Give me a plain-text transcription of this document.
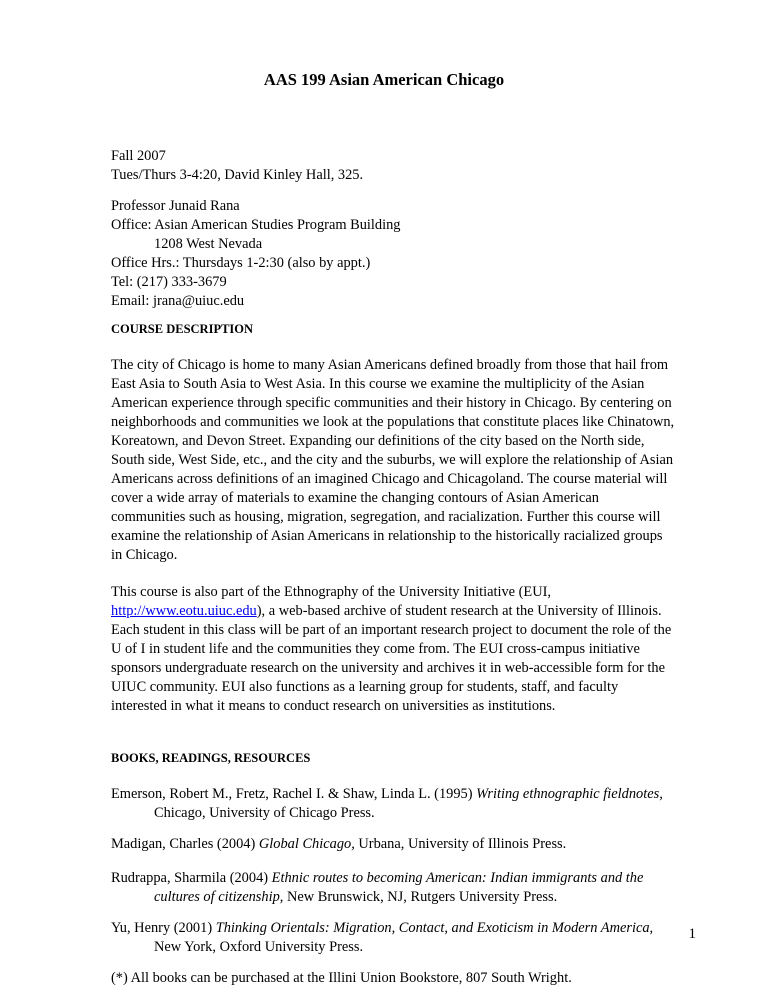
AAS 199 Asian American Chicago
Fall 2007
Tues/Thurs 3-4:20, David Kinley Hall, 325.
Professor Junaid Rana
Office: Asian American Studies Program Building
1208 West Nevada
Office Hrs.: Thursdays 1-2:30 (also by appt.)
Tel: (217) 333-3679
Email: jrana@uiuc.edu
COURSE DESCRIPTION
The city of Chicago is home to many Asian Americans defined broadly from those that hail from
East Asia to South Asia to West Asia. In this course we examine the multiplicity of the Asian
American experience through specific communities and their history in Chicago. By centering on
neighborhoods and communities we look at the populations that constitute places like Chinatown,
Koreatown, and Devon Street. Expanding our definitions of the city based on the North side,
South side, West Side, etc., and the city and the suburbs, we will explore the relationship of Asian
Americans across definitions of an imagined Chicago and Chicagoland. The course material will
cover a wide array of materials to examine the changing contours of Asian American
communities such as housing, migration, segregation, and racialization. Further this course will
examine the relationship of Asian Americans in relationship to the historically racialized groups
in Chicago.
This course is also part of the Ethnography of the University Initiative (EUI,
http://www.eotu.uiuc.edu), a web-based archive of student research at the University of Illinois.
Each student in this class will be part of an important research project to document the role of the
U of I in student life and the communities they come from. The EUI cross-campus initiative
sponsors undergraduate research on the university and archives it in web-accessible form for the
UIUC community. EUI also functions as a learning group for students, staff, and faculty
interested in what it means to conduct research on universities as institutions.
BOOKS, READINGS, RESOURCES
Emerson, Robert M., Fretz, Rachel I. & Shaw, Linda L. (1995) Writing ethnographic fieldnotes,
Chicago, University of Chicago Press.
Madigan, Charles (2004) Global Chicago, Urbana, University of Illinois Press.
Rudrappa, Sharmila (2004) Ethnic routes to becoming American: Indian immigrants and the
cultures of citizenship, New Brunswick, NJ, Rutgers University Press.
Yu, Henry (2001) Thinking Orientals: Migration, Contact, and Exoticism in Modern America,
New York, Oxford University Press.
(*) All books can be purchased at the Illini Union Bookstore, 807 South Wright.
1
